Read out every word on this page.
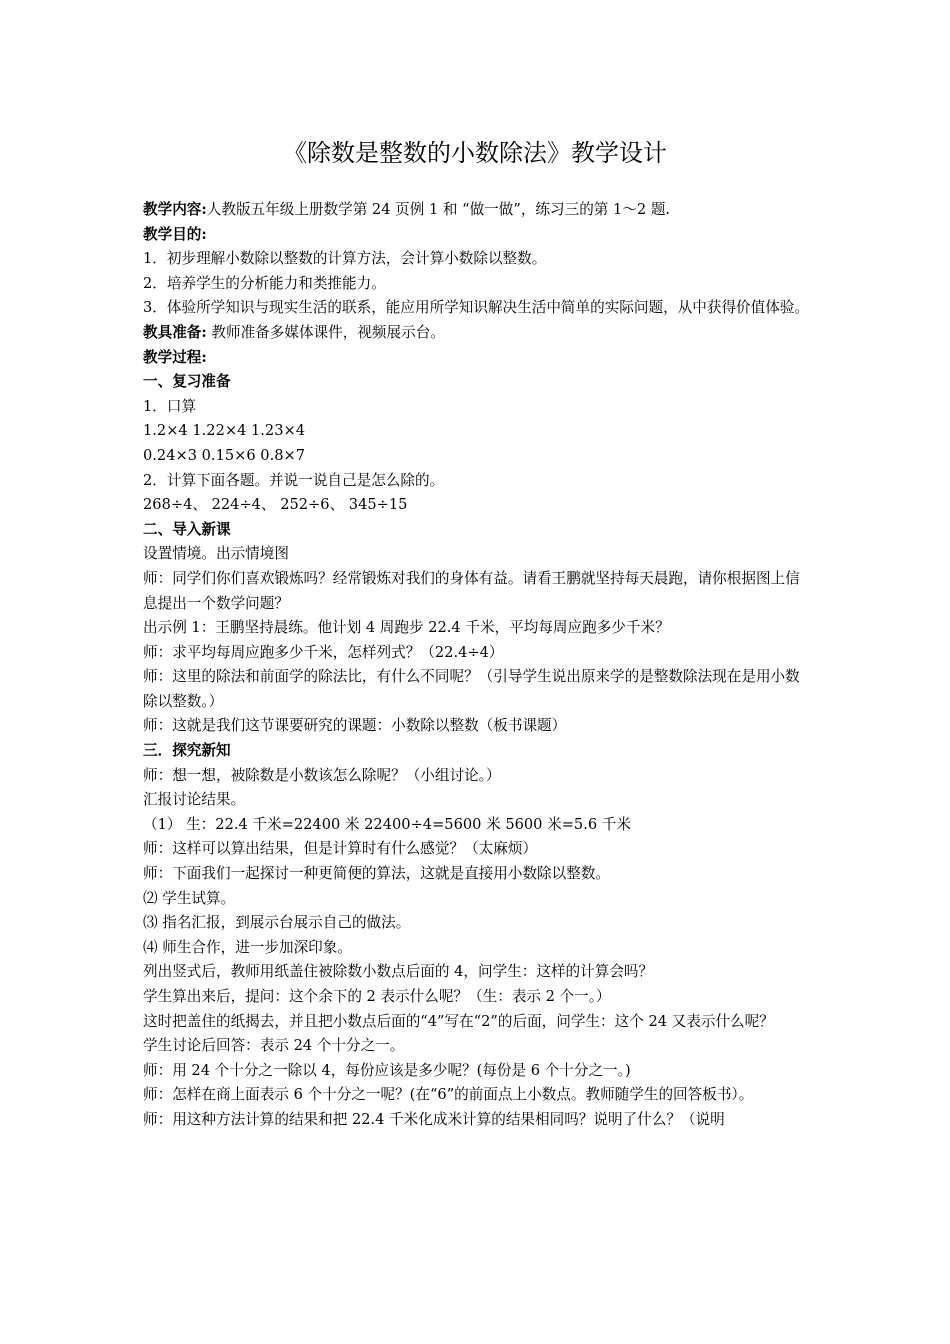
《除数是整数的小数除法》教学设计

教学内容:人教版五年级上册数学第 24 页例 1 和 “做一做”，练习三的第 1～2 题.

教学目的:

1．初步理解小数除以整数的计算方法，会计算小数除以整数。

2．培养学生的分析能力和类推能力。

3．体验所学知识与现实生活的联系，能应用所学知识解决生活中简单的实际问题，从中获得价值体验。

教具准备: 教师准备多媒体课件，视频展示台。

教学过程:

一、复习准备

1．口算

1.2×4 1.22×4 1.23×4

0.24×3 0.15×6 0.8×7

2．计算下面各题。并说一说自己是怎么除的。

268÷4、 224÷4、 252÷6、 345÷15

二、导入新课

设置情境。出示情境图

师：同学们你们喜欢锻炼吗？经常锻炼对我们的身体有益。请看王鹏就坚持每天晨跑，请你根据图上信息提出一个数学问题？

出示例 1：王鹏坚持晨练。他计划 4 周跑步 22.4 千米，平均每周应跑多少千米？

师：求平均每周应跑多少千米，怎样列式？（22.4÷4）

师：这里的除法和前面学的除法比，有什么不同呢？（引导学生说出原来学的是整数除法现在是用小数除以整数。）

师：这就是我们这节课要研究的课题：小数除以整数（板书课题）

三．探究新知

师：想一想，被除数是小数该怎么除呢？（小组讨论。）

汇报讨论结果。

（1） 生：22.4 千米=22400 米 22400÷4=5600 米 5600 米=5.6 千米

师：这样可以算出结果，但是计算时有什么感觉？（太麻烦）

师：下面我们一起探讨一种更简便的算法，这就是直接用小数除以整数。

⑵ 学生试算。

⑶ 指名汇报，到展示台展示自己的做法。

⑷ 师生合作，进一步加深印象。

列出竖式后，教师用纸盖住被除数小数点后面的 4，问学生：这样的计算会吗？

学生算出来后，提问：这个余下的 2 表示什么呢？（生：表示 2 个一。）

这时把盖住的纸揭去，并且把小数点后面的“4”写在“2”的后面，问学生：这个 24 又表示什么呢？

学生讨论后回答：表示 24 个十分之一。

师：用 24 个十分之一除以 4，每份应该是多少呢？(每份是 6 个十分之一。)

师：怎样在商上面表示 6 个十分之一呢？(在“6”的前面点上小数点。教师随学生的回答板书）。

师：用这种方法计算的结果和把 22.4 千米化成米计算的结果相同吗？说明了什么？（说明
